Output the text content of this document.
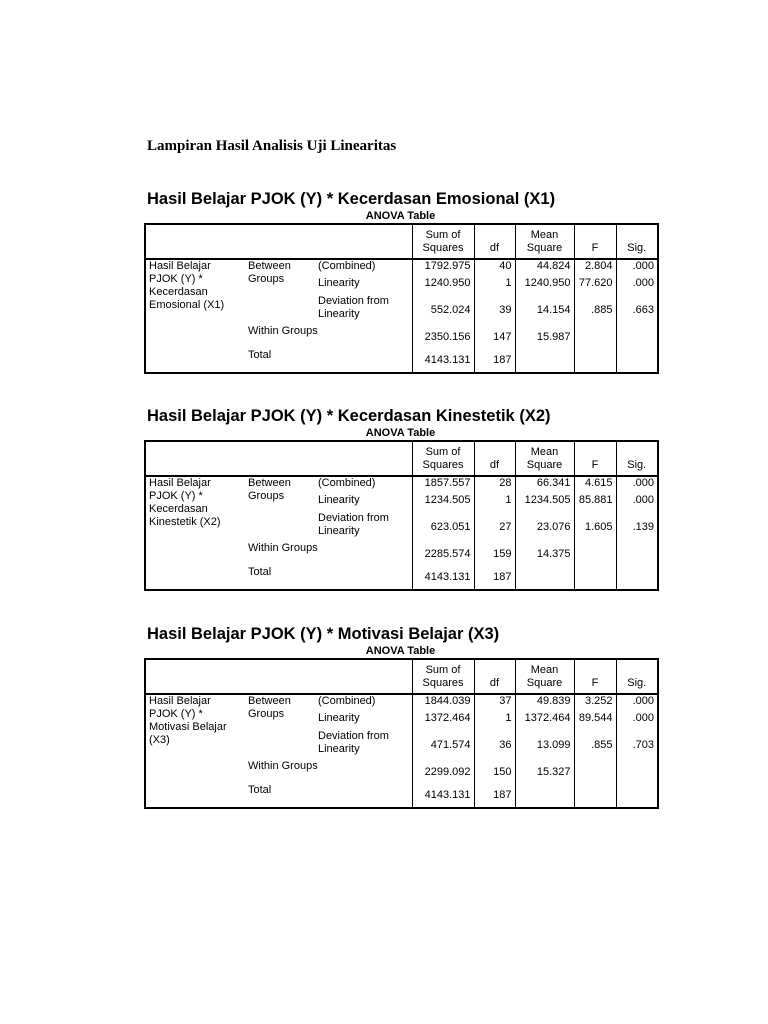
Lampiran Hasil Analisis Uji Linearitas
Hasil Belajar PJOK (Y) * Kecerdasan Emosional (X1)
ANOVA Table
			Sum of Squares	df	Mean Square	F	Sig.
Hasil Belajar PJOK (Y) * Kecerdasan Emosional (X1)	Between Groups	(Combined)	1792.975	40	44.824	2.804	.000
		Linearity	1240.950	1	1240.950	77.620	.000
		Deviation from Linearity	552.024	39	14.154	.885	.663
	Within Groups		2350.156	147	15.987		
	Total		4143.131	187			
Hasil Belajar PJOK (Y) * Kecerdasan Kinestetik (X2)
ANOVA Table
			Sum of Squares	df	Mean Square	F	Sig.
Hasil Belajar PJOK (Y) * Kecerdasan Kinestetik (X2)	Between Groups	(Combined)	1857.557	28	66.341	4.615	.000
		Linearity	1234.505	1	1234.505	85.881	.000
		Deviation from Linearity	623.051	27	23.076	1.605	.139
	Within Groups		2285.574	159	14.375		
	Total		4143.131	187			
Hasil Belajar PJOK (Y) * Motivasi Belajar (X3)
ANOVA Table
			Sum of Squares	df	Mean Square	F	Sig.
Hasil Belajar PJOK (Y) * Motivasi Belajar (X3)	Between Groups	(Combined)	1844.039	37	49.839	3.252	.000
		Linearity	1372.464	1	1372.464	89.544	.000
		Deviation from Linearity	471.574	36	13.099	.855	.703
	Within Groups		2299.092	150	15.327		
	Total		4143.131	187			
